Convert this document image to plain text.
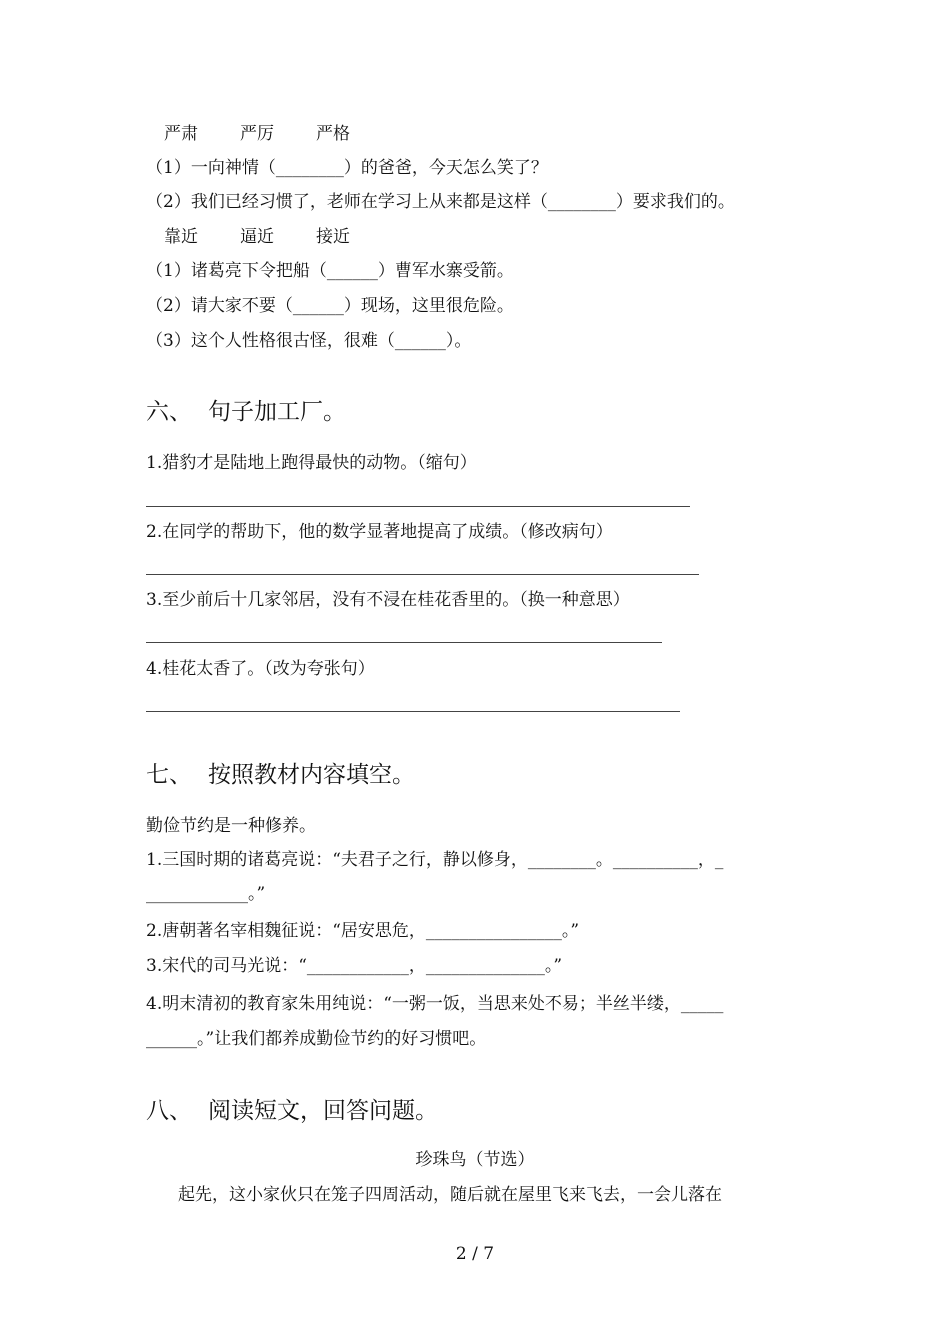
严肃 严厉 严格
（1）一向神情（________）的爸爸，今天怎么笑了？
（2）我们已经习惯了，老师在学习上从来都是这样（________）要求我们的。
靠近 逼近 接近
（1）诸葛亮下令把船（______）曹军水寨受箭。
（2）请大家不要（______）现场，这里很危险。
（3）这个人性格很古怪，很难（______）。
六、 句子加工厂。
1.猎豹才是陆地上跑得最快的动物。（缩句）
2.在同学的帮助下，他的数学显著地提高了成绩。（修改病句）
3.至少前后十几家邻居，没有不浸在桂花香里的。（换一种意思）
4.桂花太香了。（改为夸张句）
七、 按照教材内容填空。
勤俭节约是一种修养。
1.三国时期的诸葛亮说：“夫君子之行，静以修身，________。__________，_
____________。”
2.唐朝著名宰相魏征说：“居安思危，________________。”
3.宋代的司马光说：“____________，______________。”
4.明末清初的教育家朱用纯说：“一粥一饭，当思来处不易；半丝半缕，_____
______。”让我们都养成勤俭节约的好习惯吧。
八、 阅读短文，回答问题。
珍珠鸟（节选）
起先，这小家伙只在笼子四周活动，随后就在屋里飞来飞去，一会儿落在
2 / 7
